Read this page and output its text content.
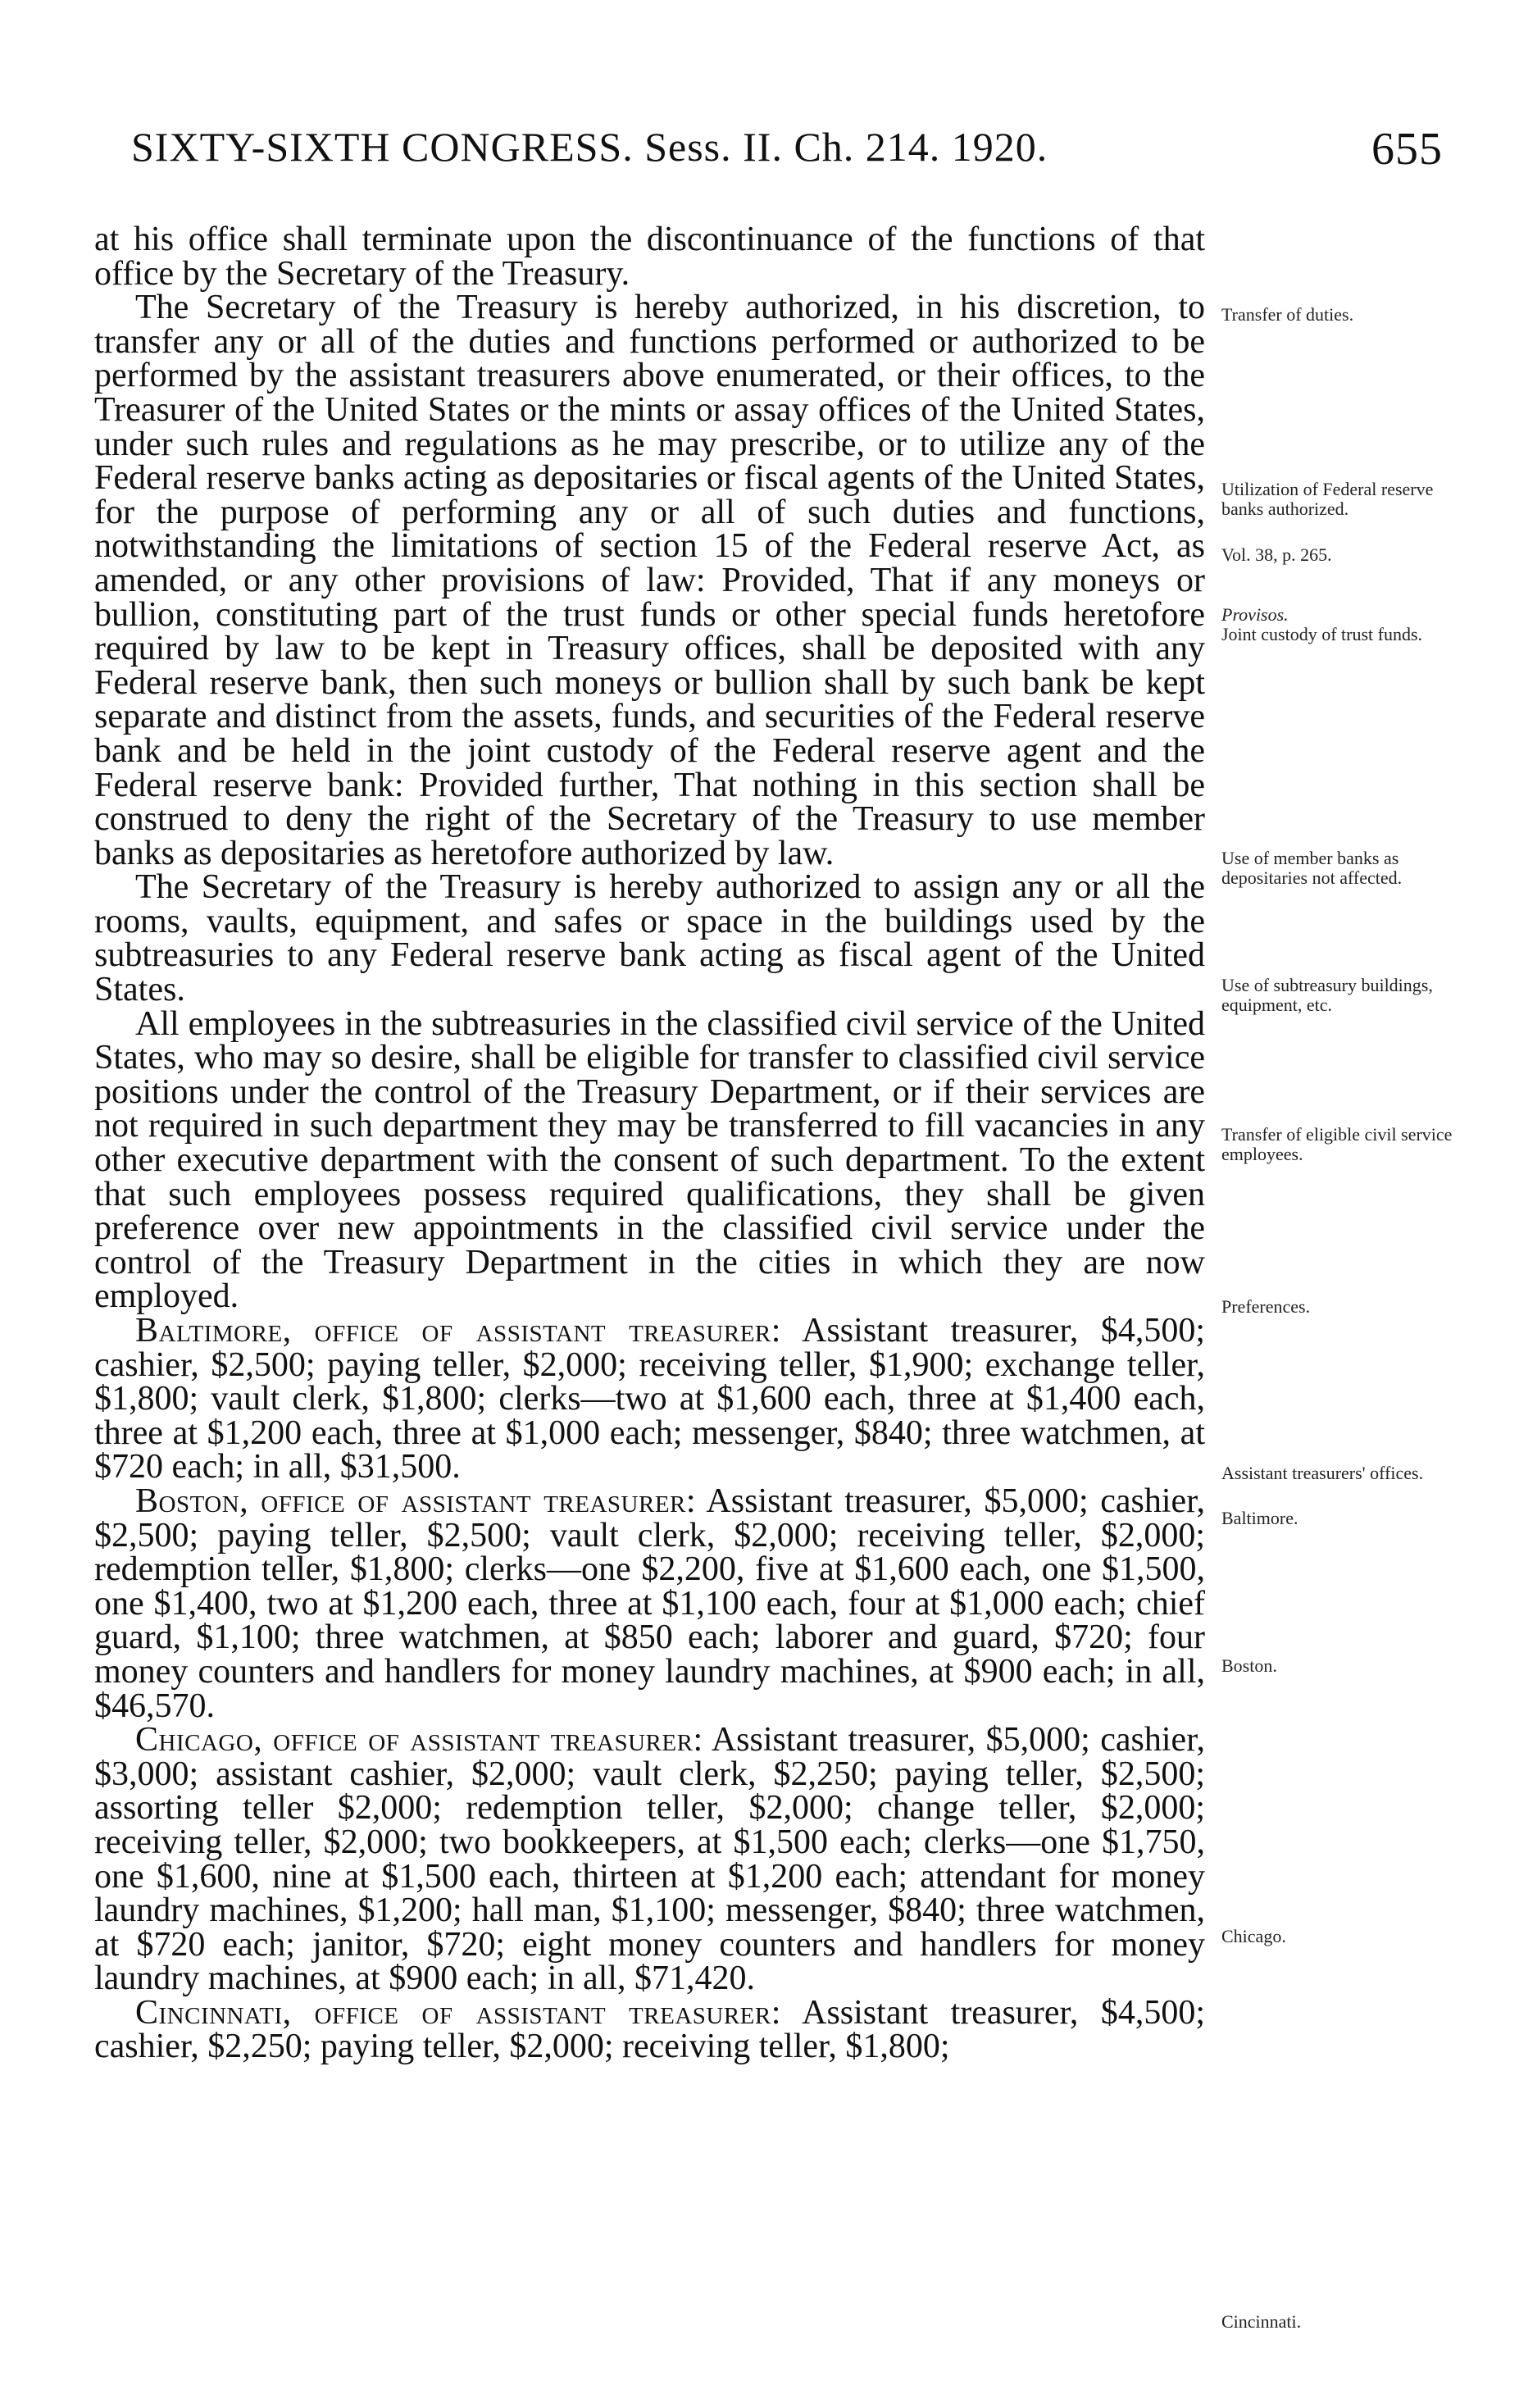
SIXTY-SIXTH CONGRESS. Sess. II. Ch. 214. 1920.	655

at his office shall terminate upon the discontinuance of the functions of that office by the Secretary of the Treasury.

The Secretary of the Treasury is hereby authorized, in his discretion, to transfer any or all of the duties and functions performed or authorized to be performed by the assistant treasurers above enumerated, or their offices, to the Treasurer of the United States or the mints or assay offices of the United States, under such rules and regulations as he may prescribe, or to utilize any of the Federal reserve banks acting as depositaries or fiscal agents of the United States, for the purpose of performing any or all of such duties and functions, notwithstanding the limitations of section 15 of the Federal reserve Act, as amended, or any other provisions of law: Provided, That if any moneys or bullion, constituting part of the trust funds or other special funds heretofore required by law to be kept in Treasury offices, shall be deposited with any Federal reserve bank, then such moneys or bullion shall by such bank be kept separate and distinct from the assets, funds, and securities of the Federal reserve bank and be held in the joint custody of the Federal reserve agent and the Federal reserve bank: Provided further, That nothing in this section shall be construed to deny the right of the Secretary of the Treasury to use member banks as depositaries as heretofore authorized by law.

The Secretary of the Treasury is hereby authorized to assign any or all the rooms, vaults, equipment, and safes or space in the buildings used by the subtreasuries to any Federal reserve bank acting as fiscal agent of the United States.

All employees in the subtreasuries in the classified civil service of the United States, who may so desire, shall be eligible for transfer to classified civil service positions under the control of the Treasury Department, or if their services are not required in such department they may be transferred to fill vacancies in any other executive department with the consent of such department. To the extent that such employees possess required qualifications, they shall be given preference over new appointments in the classified civil service under the control of the Treasury Department in the cities in which they are now employed.

Baltimore, office of assistant treasurer: Assistant treasurer, $4,500; cashier, $2,500; paying teller, $2,000; receiving teller, $1,900; exchange teller, $1,800; vault clerk, $1,800; clerks—two at $1,600 each, three at $1,400 each, three at $1,200 each, three at $1,000 each; messenger, $840; three watchmen, at $720 each; in all, $31,500.

Boston, office of assistant treasurer: Assistant treasurer, $5,000; cashier, $2,500; paying teller, $2,500; vault clerk, $2,000; receiving teller, $2,000; redemption teller, $1,800; clerks—one $2,200, five at $1,600 each, one $1,500, one $1,400, two at $1,200 each, three at $1,100 each, four at $1,000 each; chief guard, $1,100; three watchmen, at $850 each; laborer and guard, $720; four money counters and handlers for money laundry machines, at $900 each; in all, $46,570.

Chicago, office of assistant treasurer: Assistant treasurer, $5,000; cashier, $3,000; assistant cashier, $2,000; vault clerk, $2,250; paying teller, $2,500; assorting teller $2,000; redemption teller, $2,000; change teller, $2,000; receiving teller, $2,000; two bookkeepers, at $1,500 each; clerks—one $1,750, one $1,600, nine at $1,500 each, thirteen at $1,200 each; attendant for money laundry machines, $1,200; hall man, $1,100; messenger, $840; three watchmen, at $720 each; janitor, $720; eight money counters and handlers for money laundry machines, at $900 each; in all, $71,420.

Cincinnati, office of assistant treasurer: Assistant treasurer, $4,500; cashier, $2,250; paying teller, $2,000; receiving teller, $1,800;

Transfer of duties.
Utilization of Federal reserve banks authorized.
Vol. 38, p. 265.
Provisos.
Joint custody of trust funds.
Use of member banks as depositaries not affected.
Use of subtreasury buildings, equipment, etc.
Transfer of eligible civil service employees.
Preferences.
Assistant treasurers' offices.
Baltimore.
Boston.
Chicago.
Cincinnati.
